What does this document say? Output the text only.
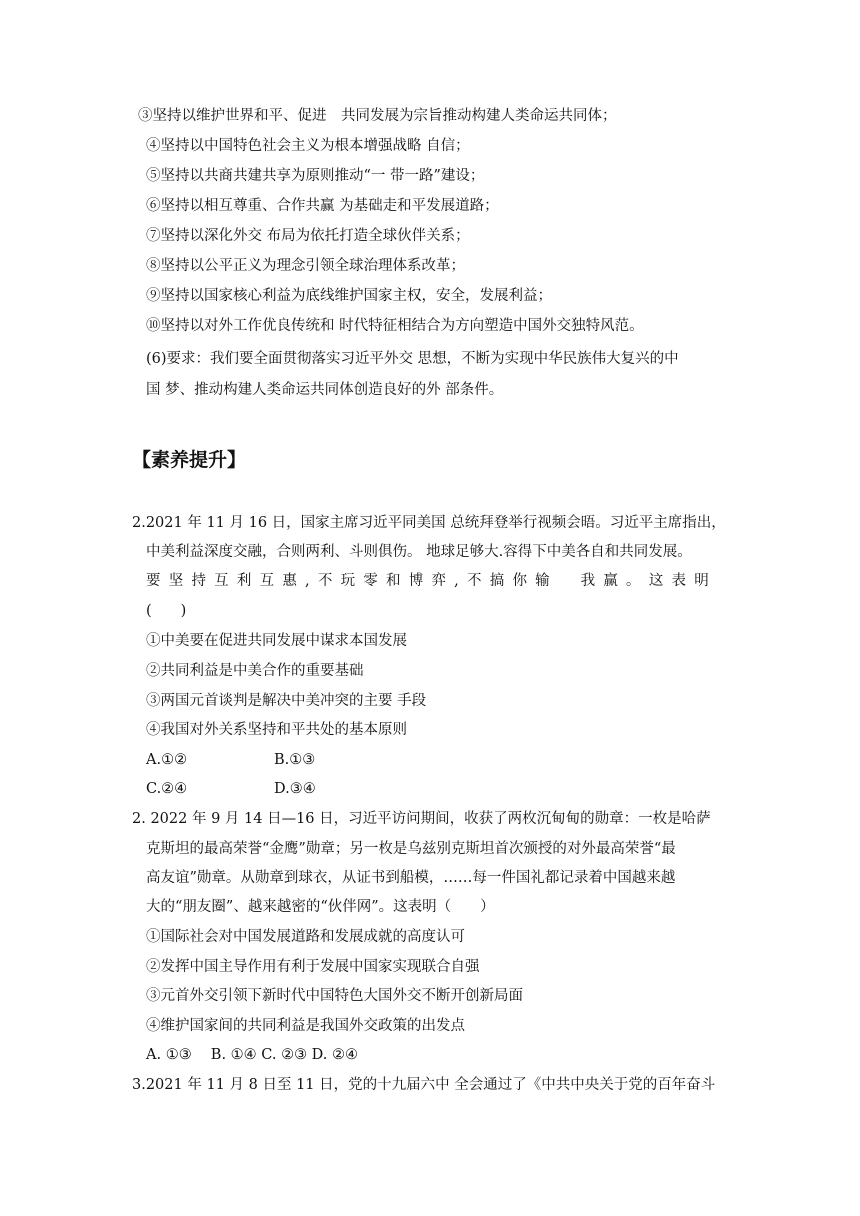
③坚持以维护世界和平、促进　共同发展为宗旨推动构建人类命运共同体；
④坚持以中国特色社会主义为根本增强战略 自信；
⑤坚持以共商共建共享为原则推动“一 带一路”建设；
⑥坚持以相互尊重、合作共赢 为基础走和平发展道路；
⑦坚持以深化外交 布局为依托打造全球伙伴关系；
⑧坚持以公平正义为理念引领全球治理体系改革；
⑨坚持以国家核心利益为底线维护国家主权，安全，发展利益；
⑩坚持以对外工作优良传统和 时代特征相结合为方向塑造中国外交独特风范。
(6)要求：我们要全面贯彻落实习近平外交 思想，不断为实现中华民族伟大复兴的中
国 梦、推动构建人类命运共同体创造良好的外 部条件。
【素养提升】
2.2021 年 11 月 16 日，国家主席习近平同美国 总统拜登举行视频会晤。习近平主席指出，
中美利益深度交融，合则两利、斗则俱伤。 地球足够大.容得下中美各自和共同发展。
要 坚 持 互 利 互 惠 , 不 玩 零 和 博 弈 , 不 搞 你 输
　 我 赢 。 这 表 明
(　　)
①中美要在促进共同发展中谋求本国发展
②共同利益是中美合作的重要基础
③两国元首谈判是解决中美冲突的主要 手段
④我国对外关系坚持和平共处的基本原则
A.①②	B.①③
C.②④	D.③④
2. 2022 年 9 月 14 日—16 日，习近平访问期间，收获了两枚沉甸甸的勋章：一枚是哈萨
克斯坦的最高荣誉“金鹰”勋章；另一枚是乌兹别克斯坦首次颁授的对外最高荣誉“最
高友谊”勋章。从勋章到球衣，从证书到船模，……每一件国礼都记录着中国越来越
大的“朋友圈”、越来越密的“伙伴网”。这表明（　　）
①国际社会对中国发展道路和发展成就的高度认可
②发挥中国主导作用有利于发展中国家实现联合自强
③元首外交引领下新时代中国特色大国外交不断开创新局面
④维护国家间的共同利益是我国外交政策的出发点
A. ①③　 B. ①④ C. ②③ D. ②④
3.2021 年 11 月 8 日至 11 日，党的十九届六中 全会通过了《中共中央关于党的百年奋斗
